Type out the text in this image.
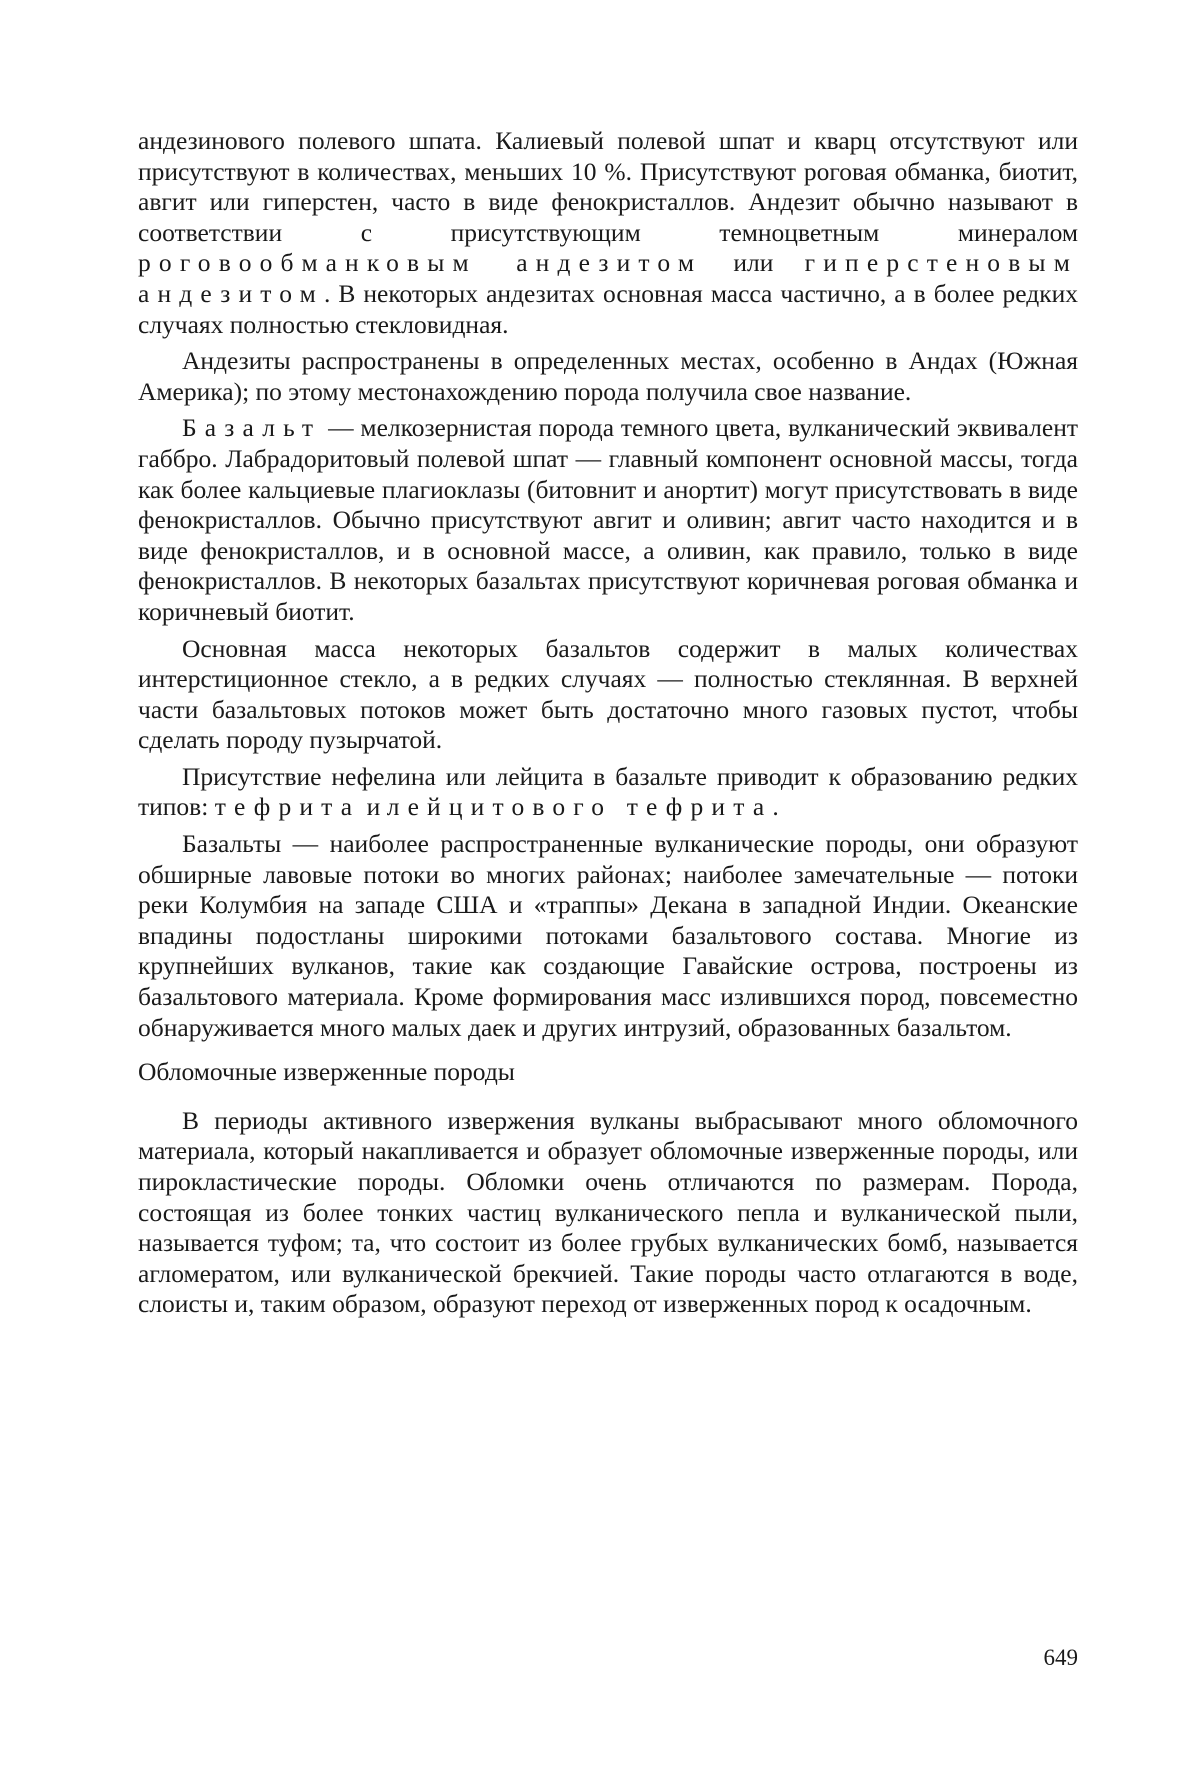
андезинового полевого шпата. Калиевый полевой шпат и кварц отсутствуют или присутствуют в количествах, меньших 10 %. Присутствуют роговая обманка, биотит, авгит или гиперстен, часто в виде фенокристаллов. Андезит обычно называют в соответствии с присутствующим темноцветным минералом роговообманковым андезитом или гиперстеновым андезитом. В некоторых андезитах основная масса частично, а в более редких случаях полностью стекловидная.

Андезиты распространены в определенных местах, особенно в Андах (Южная Америка); по этому местонахождению порода получила свое название.

Базальт — мелкозернистая порода темного цвета, вулканический эквивалент габбро. Лабрадоритовый полевой шпат — главный компонент основной массы, тогда как более кальциевые плагиоклазы (битовнит и анортит) могут присутствовать в виде фенокристаллов. Обычно присутствуют авгит и оливин; авгит часто находится и в виде фенокристаллов, и в основной массе, а оливин, как правило, только в виде фенокристаллов. В некоторых базальтах присутствуют коричневая роговая обманка и коричневый биотит.

Основная масса некоторых базальтов содержит в малых количествах интерстиционное стекло, а в редких случаях — полностью стеклянная. В верхней части базальтовых потоков может быть достаточно много газовых пустот, чтобы сделать породу пузырчатой.

Присутствие нефелина или лейцита в базальте приводит к образованию редких типов: тефрита и лейцитового тефрита.

Базальты — наиболее распространенные вулканические породы, они образуют обширные лавовые потоки во многих районах; наиболее замечательные — потоки реки Колумбия на западе США и «траппы» Декана в западной Индии. Океанские впадины подостланы широкими потоками базальтового состава. Многие из крупнейших вулканов, такие как создающие Гавайские острова, построены из базальтового материала. Кроме формирования масс излившихся пород, повсеместно обнаруживается много малых даек и других интрузий, образованных базальтом.

Обломочные изверженные породы

В периоды активного извержения вулканы выбрасывают много обломочного материала, который накапливается и образует обломочные изверженные породы, или пирокластические породы. Обломки очень отличаются по размерам. Порода, состоящая из более тонких частиц вулканического пепла и вулканической пыли, называется туфом; та, что состоит из более грубых вулканических бомб, называется агломератом, или вулканической брекчией. Такие породы часто отлагаются в воде, слоисты и, таким образом, образуют переход от изверженных пород к осадочным.

649
